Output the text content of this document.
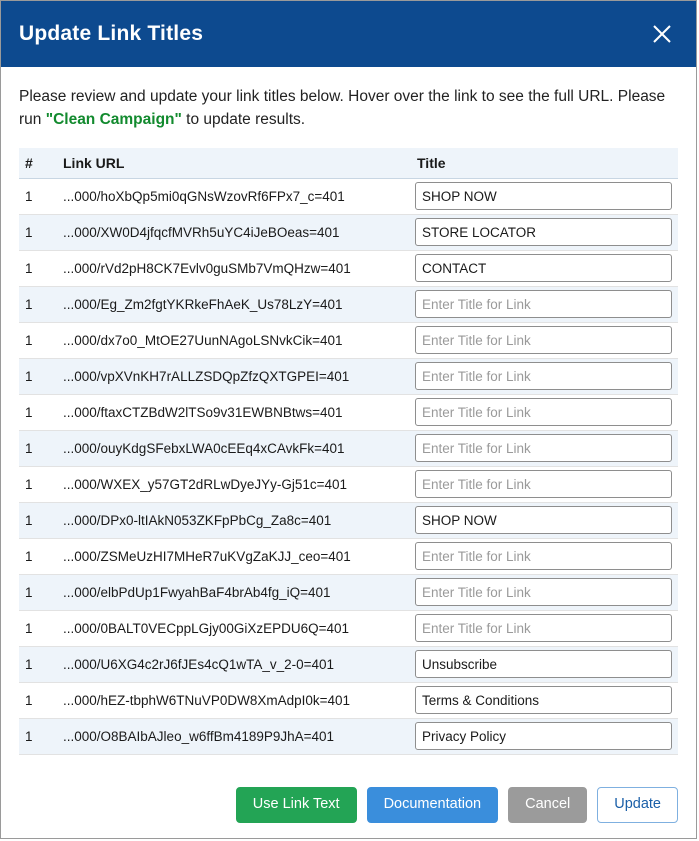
Update Link Titles

Please review and update your link titles below. Hover over the link to see the full URL. Please run "Clean Campaign" to update results.

#	Link URL	Title
1	...000/hoXbQp5mi0qGNsWzovRf6FPx7_c=401	SHOP NOW
1	...000/XW0D4jfqcfMVRh5uYC4iJeBOeas=401	STORE LOCATOR
1	...000/rVd2pH8CK7Evlv0guSMb7VmQHzw=401	CONTACT
1	...000/Eg_Zm2fgtYKRkeFhAeK_Us78LzY=401	Enter Title for Link
1	...000/dx7o0_MtOE27UunNAgoLSNvkCik=401	Enter Title for Link
1	...000/vpXVnKH7rALLZSDQpZfzQXTGPEI=401	Enter Title for Link
1	...000/ftaxCTZBdW2lTSo9v31EWBNBtws=401	Enter Title for Link
1	...000/ouyKdgSFebxLWA0cEEq4xCAvkFk=401	Enter Title for Link
1	...000/WXEX_y57GT2dRLwDyeJYy-Gj51c=401	Enter Title for Link
1	...000/DPx0-ltIAkN053ZKFpPbCg_Za8c=401	SHOP NOW
1	...000/ZSMeUzHI7MHeR7uKVgZaKJJ_ceo=401	Enter Title for Link
1	...000/elbPdUp1FwyahBaF4brAb4fg_iQ=401	Enter Title for Link
1	...000/0BALT0VECppLGjy00GiXzEPDU6Q=401	Enter Title for Link
1	...000/U6XG4c2rJ6fJEs4cQ1wTA_v_2-0=401	Unsubscribe
1	...000/hEZ-tbphW6TNuVP0DW8XmAdpI0k=401	Terms & Conditions
1	...000/O8BAIbAJleo_w6ffBm4189P9JhA=401	Privacy Policy
Use Link Text	Documentation	Cancel	Update
